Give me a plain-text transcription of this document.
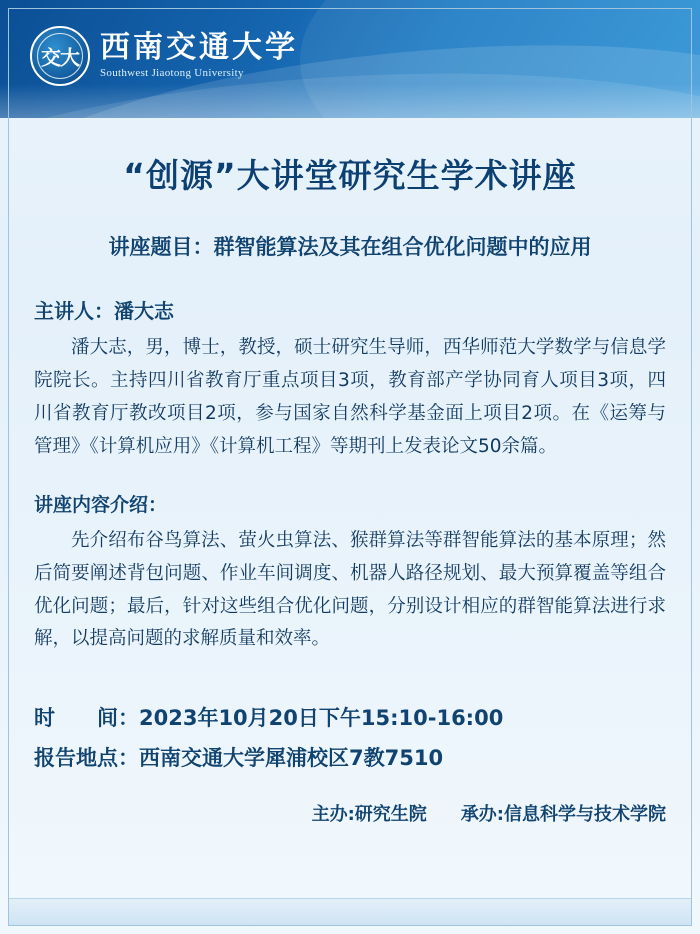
交大 西南交通大学
Southwest Jiaotong University
“创源”大讲堂研究生学术讲座
讲座题目：群智能算法及其在组合优化问题中的应用
主讲人：潘大志
潘大志，男，博士，教授，硕士研究生导师，西华师范大学数学与信息学院院长。主持四川省教育厅重点项目3项，教育部产学协同育人项目3项，四川省教育厅教改项目2项，参与国家自然科学基金面上项目2项。在《运筹与管理》《计算机应用》《计算机工程》等期刊上发表论文50余篇。
讲座内容介绍：
先介绍布谷鸟算法、萤火虫算法、猴群算法等群智能算法的基本原理；然后简要阐述背包问题、作业车间调度、机器人路径规划、最大预算覆盖等组合优化问题；最后，针对这些组合优化问题，分别设计相应的群智能算法进行求解，以提高问题的求解质量和效率。
时　　间：2023年10月20日下午15:10-16:00
报告地点：西南交通大学犀浦校区7教7510
主办:研究生院 承办:信息科学与技术学院
